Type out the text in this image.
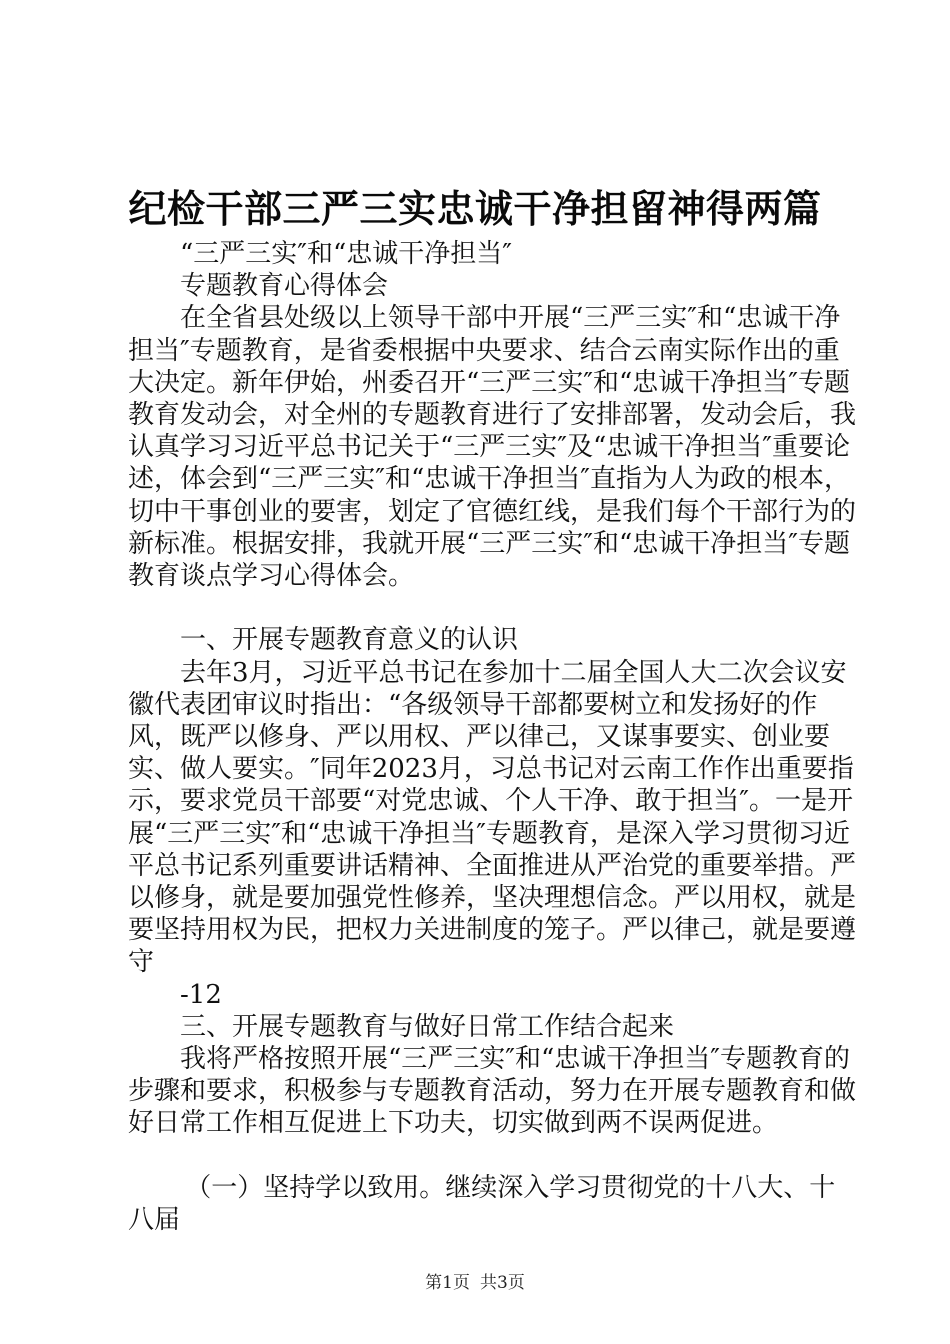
纪检干部三严三实忠诚干净担留神得两篇

“三严三实″和“忠诚干净担当″

专题教育心得体会

在全省县处级以上领导干部中开展“三严三实″和“忠诚干净担当″专题教育，是省委根据中央要求、结合云南实际作出的重大决定。新年伊始，州委召开“三严三实″和“忠诚干净担当″专题教育发动会，对全州的专题教育进行了安排部署，发动会后，我认真学习习近平总书记关于“三严三实″及“忠诚干净担当″重要论述，体会到“三严三实″和“忠诚干净担当″直指为人为政的根本，切中干事创业的要害，划定了官德红线，是我们每个干部行为的新标准。根据安排，我就开展“三严三实″和“忠诚干净担当″专题教育谈点学习心得体会。

一、开展专题教育意义的认识

去年3月，习近平总书记在参加十二届全国人大二次会议安徽代表团审议时指出：“各级领导干部都要树立和发扬好的作风，既严以修身、严以用权、严以律己，又谋事要实、创业要实、做人要实。″同年2023月，习总书记对云南工作作出重要指示，要求党员干部要“对党忠诚、个人干净、敢于担当″。一是开展“三严三实″和“忠诚干净担当″专题教育，是深入学习贯彻习近平总书记系列重要讲话精神、全面推进从严治党的重要举措。严以修身，就是要加强党性修养，坚决理想信念。严以用权，就是要坚持用权为民，把权力关进制度的笼子。严以律己，就是要遵守

-12

三、开展专题教育与做好日常工作结合起来

我将严格按照开展“三严三实″和“忠诚干净担当″专题教育的步骤和要求，积极参与专题教育活动，努力在开展专题教育和做好日常工作相互促进上下功夫，切实做到两不误两促进。

（一）坚持学以致用。继续深入学习贯彻党的十八大、十八届

第1页 共3页
